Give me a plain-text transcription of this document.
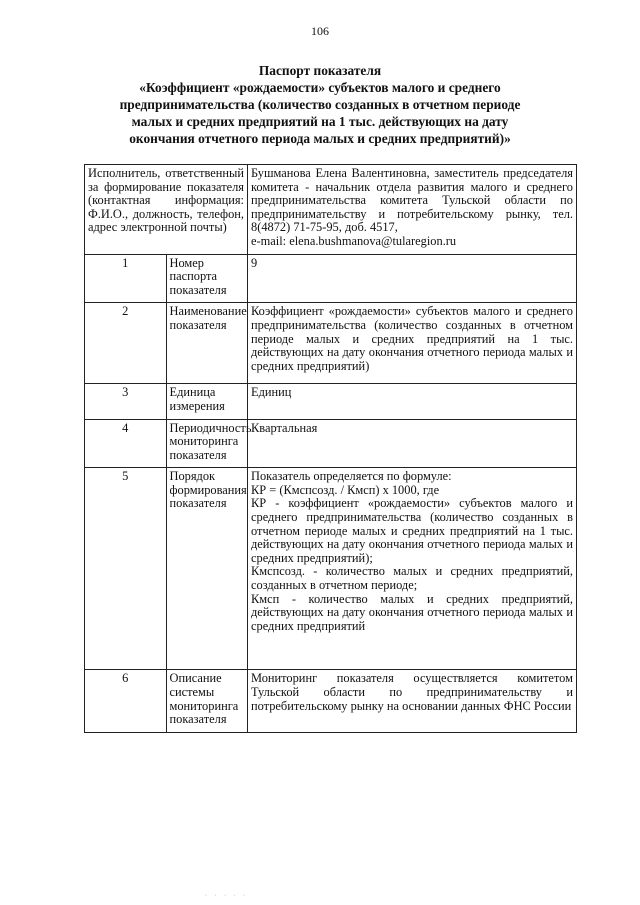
106
Паспорт показателя
«Коэффициент «рождаемости» субъектов малого и среднего
предпринимательства (количество созданных в отчетном периоде
малых и средних предприятий на 1 тыс. действующих на дату
окончания отчетного периода малых и средних предприятий)»
Исполнитель, ответственный за формирование показателя (контактная информация: Ф.И.О., должность, телефон, адрес электронной почты)		Бушманова Елена Валентиновна, заместитель председателя комитета - начальник отдела развития малого и среднего предпринимательства комитета Тульской области по предпринимательству и потребительскому рынку, тел. 8(4872) 71-75-95, доб. 4517,
e-mail: elena.bushmanova@tularegion.ru
1	Номер паспорта показателя	9
2	Наименование показателя	Коэффициент «рождаемости» субъектов малого и среднего предпринимательства (количество созданных в отчетном периоде малых и средних предприятий на 1 тыс. действующих на дату окончания отчетного периода малых и средних предприятий)
3	Единица измерения	Единиц
4	Периодичность мониторинга показателя	Квартальная
5	Порядок формирования показателя	Показатель определяется по формуле:

КР = (Кмспсозд. / Кмсп) х 1000, где

КР - коэффициент «рождаемости» субъектов малого и среднего предпринимательства (количество созданных в отчетном периоде малых и средних предприятий на 1 тыс. действующих на дату окончания отчетного периода малых и средних предприятий);

Кмспсозд. - количество малых и средних предприятий, созданных в отчетном периоде;

Кмсп - количество малых и средних предприятий, действующих на дату окончания отчетного периода малых и средних предприятий

6	Описание системы мониторинга показателя	Мониторинг показателя осуществляется комитетом Тульской области по предпринимательству и потребительскому рынку на основании данных ФНС России
· · · · ·
